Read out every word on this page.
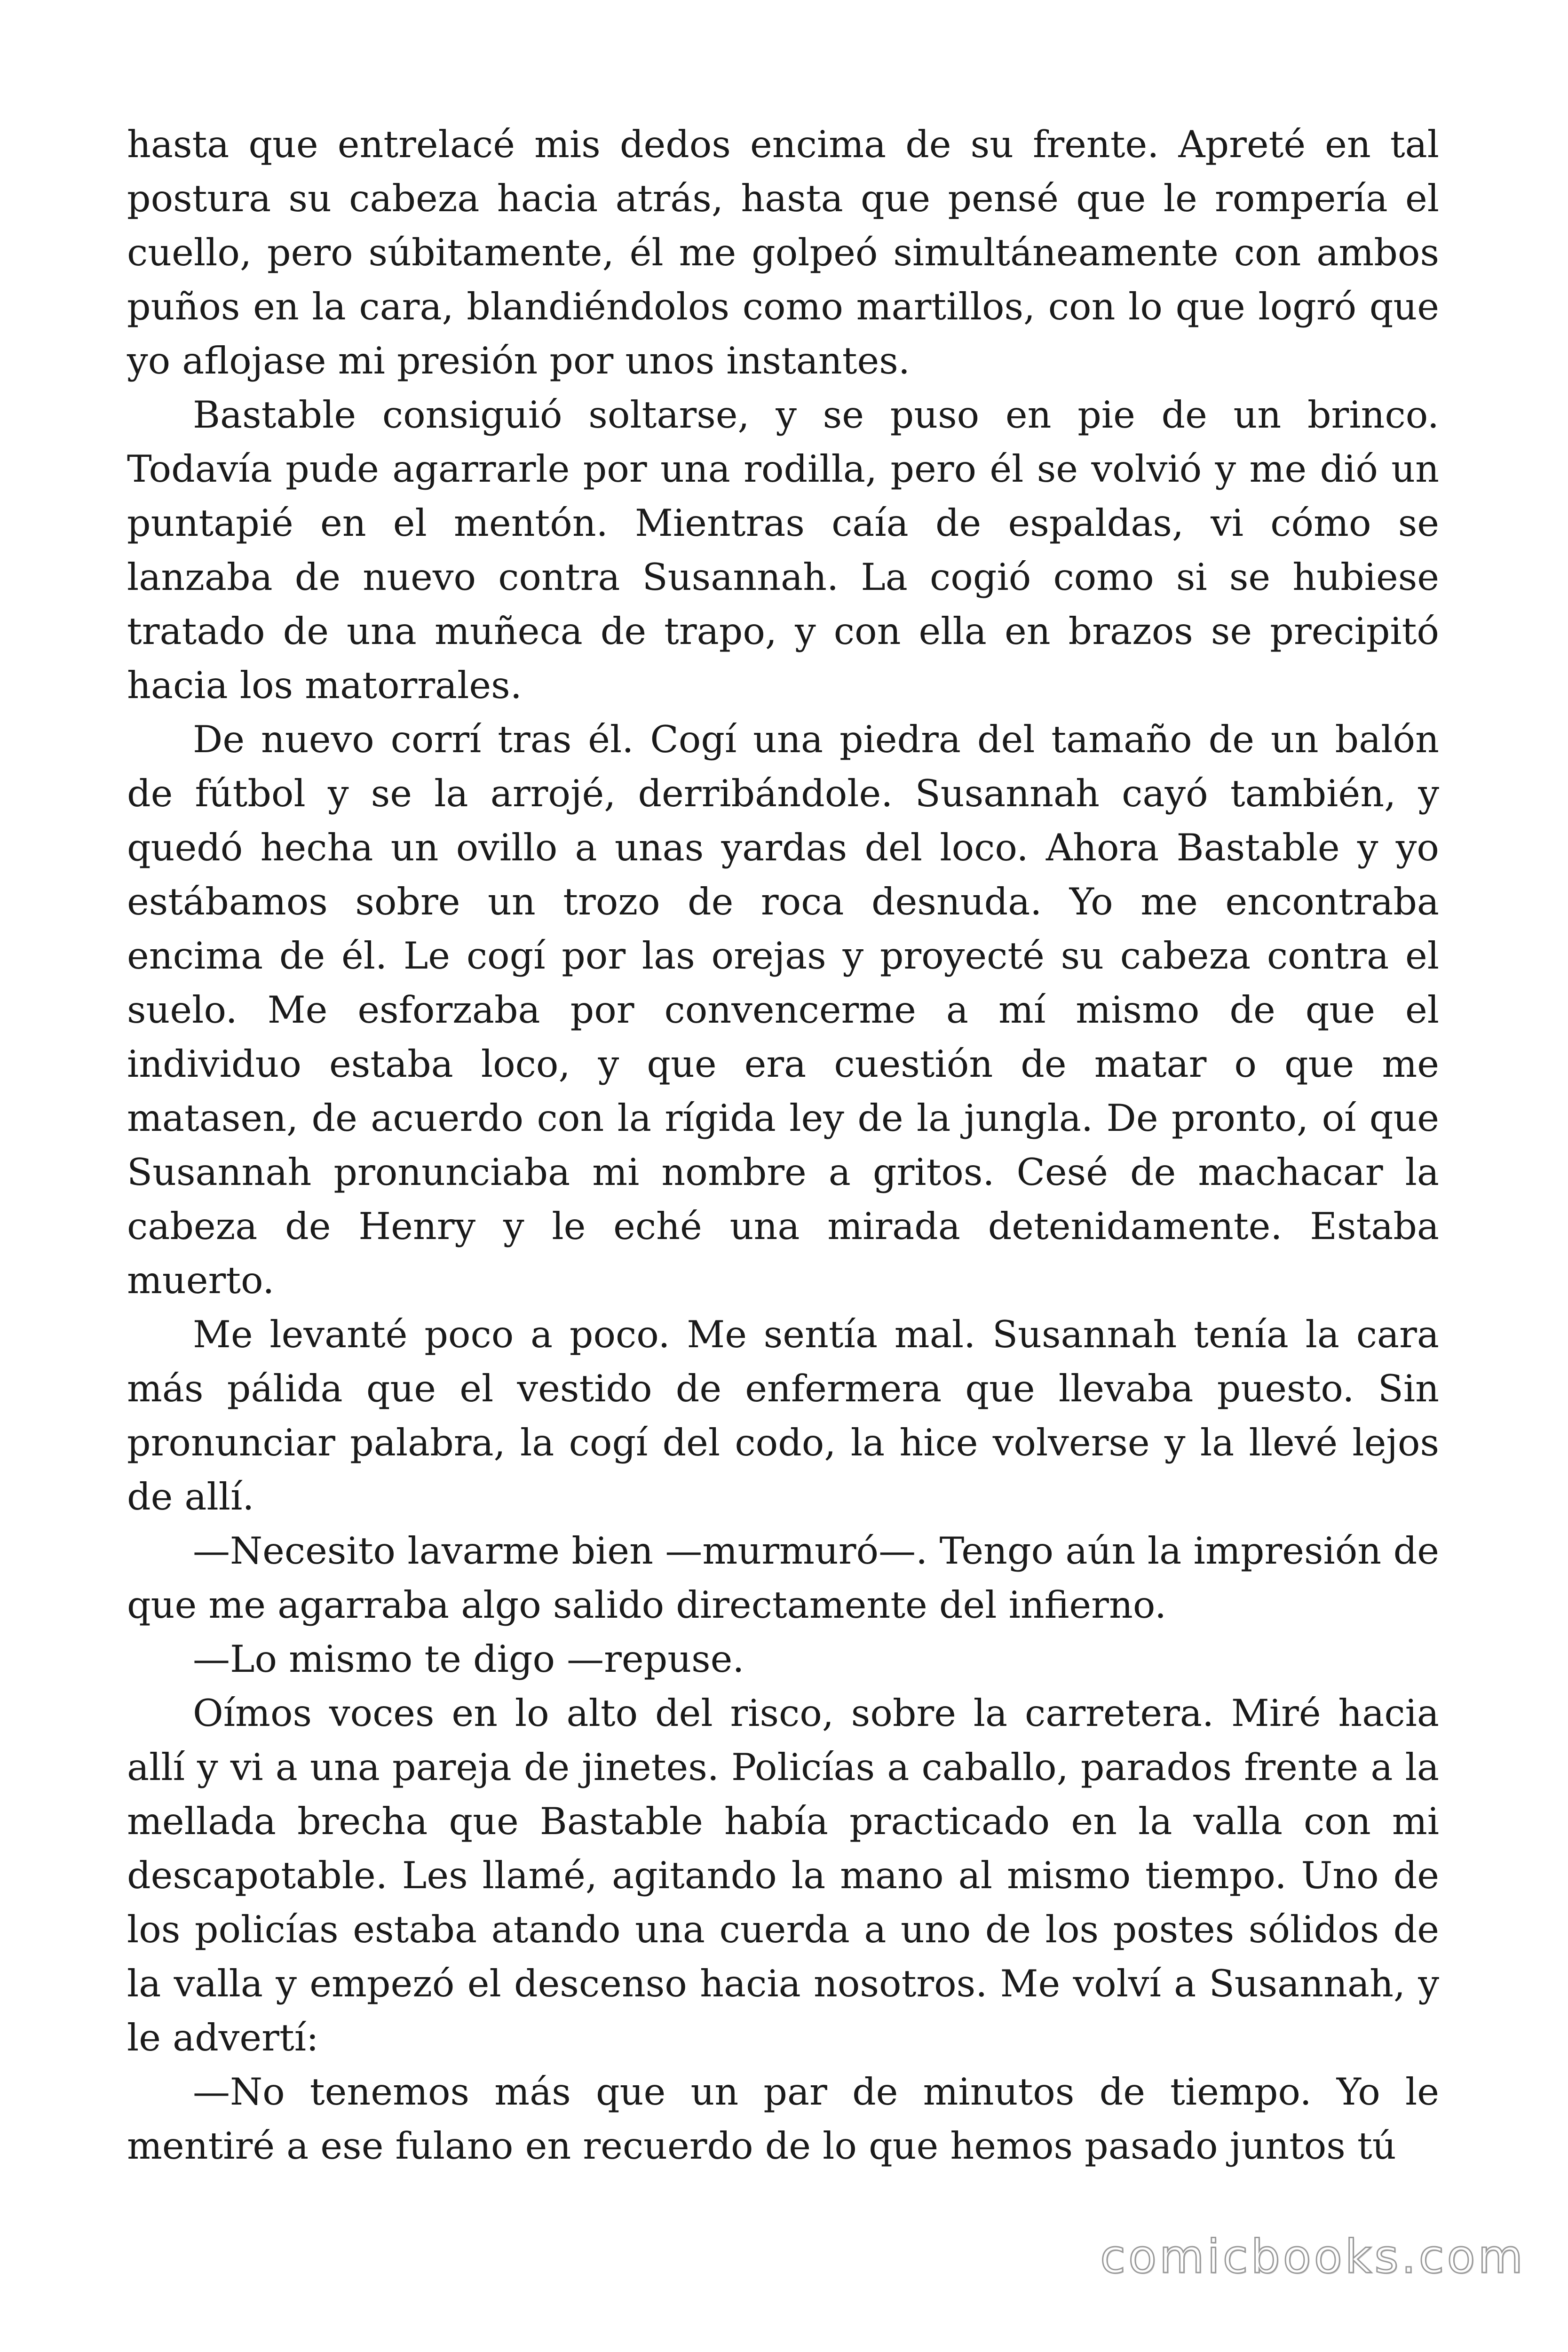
hasta que entrelacé mis dedos encima de su frente. Apreté en tal postura su cabeza hacia atrás, hasta que pensé que le rompería el cuello, pero súbitamente, él me golpeó simultáneamente con ambos puños en la cara, blandiéndolos como martillos, con lo que logró que yo aflojase mi presión por unos instantes.

Bastable consiguió soltarse, y se puso en pie de un brinco. Todavía pude agarrarle por una rodilla, pero él se volvió y me dió un puntapié en el mentón. Mientras caía de espaldas, vi cómo se lanzaba de nuevo contra Susannah. La cogió como si se hubiese tratado de una muñeca de trapo, y con ella en brazos se precipitó hacia los matorrales.

De nuevo corrí tras él. Cogí una piedra del tamaño de un balón de fútbol y se la arrojé, derribándole. Susannah cayó también, y quedó hecha un ovillo a unas yardas del loco. Ahora Bastable y yo estábamos sobre un trozo de roca desnuda. Yo me encontraba encima de él. Le cogí por las orejas y proyecté su cabeza contra el suelo. Me esforzaba por convencerme a mí mismo de que el individuo estaba loco, y que era cuestión de matar o que me matasen, de acuerdo con la rígida ley de la jungla. De pronto, oí que Susannah pronunciaba mi nombre a gritos. Cesé de machacar la cabeza de Henry y le eché una mirada detenidamente. Estaba muerto.

Me levanté poco a poco. Me sentía mal. Susannah tenía la cara más pálida que el vestido de enfermera que llevaba puesto. Sin pronunciar palabra, la cogí del codo, la hice volverse y la llevé lejos de allí.

—Necesito lavarme bien —murmuró—. Tengo aún la impresión de que me agarraba algo salido directamente del infierno.

—Lo mismo te digo —repuse.

Oímos voces en lo alto del risco, sobre la carretera. Miré hacia allí y vi a una pareja de jinetes. Policías a caballo, parados frente a la mellada brecha que Bastable había practicado en la valla con mi descapotable. Les llamé, agitando la mano al mismo tiempo. Uno de los policías estaba atando una cuerda a uno de los postes sólidos de la valla y empezó el descenso hacia nosotros. Me volví a Susannah, y le advertí:

—No tenemos más que un par de minutos de tiempo. Yo le mentiré a ese fulano en recuerdo de lo que hemos pasado juntos tú

comicbooks.com
